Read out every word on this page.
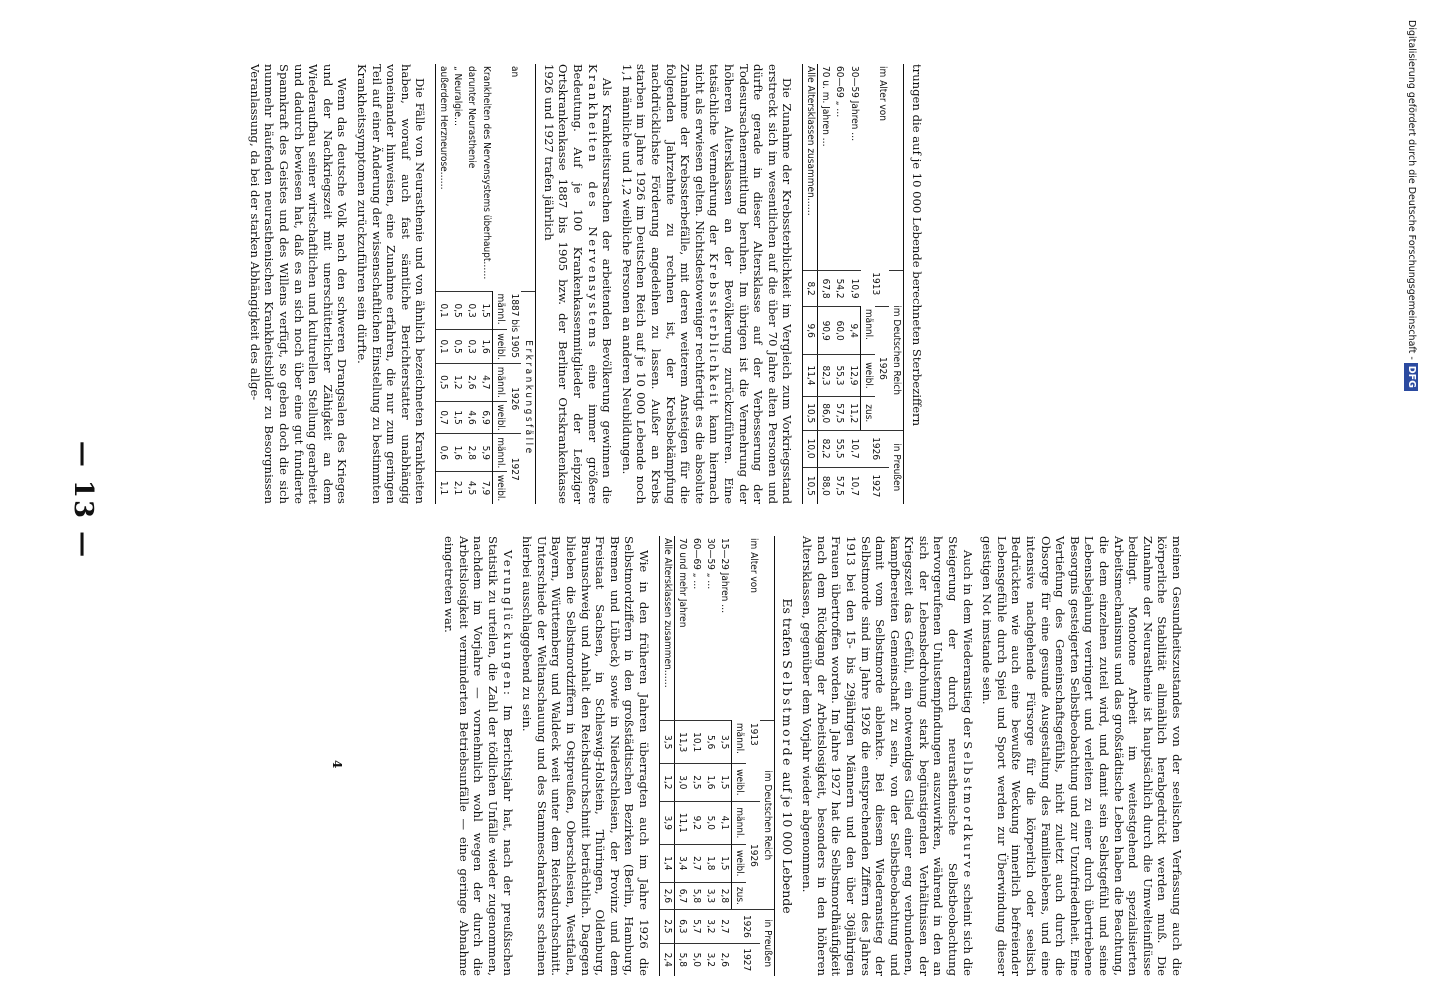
— 13 —

trungen die auf je 10 000 Lebende berechneten Sterbeziffern

im Alter von	im Deutschen Reich				in Preußen	
	1913	1926			1926	1927
		männl.	weibl.	zus.		
30—59 Jahren …	10,9	9,4	12,9	11,2	10,7	10,7
60—69 „ …	54,2	60,0	55,3	57,5	55,5	57,5
70 u. m. Jahren …	67,8	90,9	82,3	86,0	82,2	88,0
Alle Altersklassen zusammen……	8,2	9,6	11,4	10,5	10,0	10,5

Die Zunahme der Krebssterblichkeit im Vergleich zum Vorkriegsstand erstreckt sich im wesentlichen auf die über 70 Jahre alten Personen und dürfte gerade in dieser Altersklasse auf der Verbesserung der Todesursachenermittlung beruhen. Im übrigen ist die Vermehrung der höheren Altersklassen an der Bevölkerung zurückzuführen. Eine tatsächliche Vermehrung der Krebssterblichkeit kann hiernach nicht als erwiesen gelten. Nichtsdestoweniger rechtfertigt es die absolute Zunahme der Krebssterbefälle, mit deren weiterem Ansteigen für die folgenden Jahrzehnte zu rechnen ist, der Krebsbekämpfung nachdrücklichste Förderung angedeihen zu lassen. Außer an Krebs starben im Jahre 1926 im Deutschen Reich auf je 10 000 Lebende noch 1,1 männliche und 1,2 weibliche Personen an anderen Neubildungen.

Als Krankheitsursachen der arbeitenden Bevölkerung gewinnen die Krankheiten des Nervensystems eine immer größere Bedeutung. Auf je 100 Krankenkassenmitglieder der Leipziger Ortskrankenkasse 1887 bis 1905 bzw. der Berliner Ortskrankenkasse 1926 und 1927 trafen jährlich

an	Erkrankungsfälle					
	1887 bis 1905		1926		1927	
	männl.	weibl.	männl.	weibl.	männl.	weibl.
Krankheiten des Nervensystems überhaupt……	1,5	1,6	4,7	6,9	5,9	7,9
darunter Neurasthenie	0,3	0,3	2,6	4,6	2,8	4,5
„ Neuralgie…	0,5	0,5	1,2	1,5	1,6	2,1
außerdem Herzneurose……	0,1	0,1	0,5	0,7	0,6	1,1

Die Fälle von Neurasthenie und von ähnlich bezeichneten Krankheiten haben, worauf auch fast sämtliche Berichterstatter unabhängig voneinander hinweisen, eine Zunahme erfahren, die nur zum geringen Teil auf einer Änderung der wissenschaftlichen Einstellung zu bestimmten Krankheitssymptomen zurückzuführen sein dürfte.

Wenn das deutsche Volk nach den schweren Drangsalen des Krieges und der Nachkriegszeit mit unerschütterlicher Zähigkeit an dem Wiederaufbau seiner wirtschaftlichen und kulturellen Stellung gearbeitet und dadurch bewiesen hat, daß es an sich noch über eine gut fundierte Spannkraft des Geistes und des Willens verfügt, so geben doch die sich nunmehr häufenden neurasthenischen Krankheitsbilder zu Besorgnissen Veranlassung, da bei der starken Abhängigkeit des allge-

meinen Gesundheitszustandes von der seelischen Verfassung auch die körperliche Stabilität allmählich herabgedrückt werden muß. Die Zunahme der Neurasthenie ist hauptsächlich durch die Umwelteinflüsse bedingt. Monotone Arbeit im weitestgehend spezialisierten Arbeitsmechanismus und das großstädtische Leben haben die Beachtung, die dem einzelnen zuteil wird, und damit sein Selbstgefühl und seine Lebensbejahung verringert und verleiten zu einer durch übertriebene Besorgnis gesteigerten Selbstbeobachtung und zur Unzufriedenheit. Eine Vertiefung des Gemeinschaftsgefühls, nicht zuletzt auch durch die Obsorge für eine gesunde Ausgestaltung des Familienlebens, und eine intensive nachgehende Fürsorge für die körperlich oder seelisch Bedrückten wie auch eine bewußte Weckung innerlich befreiender Lebensgefühle durch Spiel und Sport werden zur Überwindung dieser geistigen Not imstande sein.

Auch in dem Wiederanstieg der Selbstmordkurve scheint sich die Steigerung der durch neurasthenische Selbstbeobachtung hervorgerufenen Unlustempfindungen auszuwirken, während in den an sich der Lebensbedrohung stark begünstigenden Verhältnissen der Kriegszeit das Gefühl, ein notwendiges Glied einer eng verbundenen, kampfbereiten Gemeinschaft zu sein, von der Selbstbeobachtung und damit vom Selbstmorde ablenkte. Bei diesem Wiederanstieg der Selbstmorde sind im Jahre 1926 die entsprechenden Ziffern des Jahres 1913 bei den 15- bis 29jährigen Männern und den über 30jährigen Frauen übertroffen worden. Im Jahre 1927 hat die Selbstmordhäufigkeit nach dem Rückgang der Arbeitslosigkeit, besonders in den höheren Altersklassen, gegenüber dem Vorjahr wieder abgenommen.

Es trafen Selbstmorde auf je 10 000 Lebende
im Alter von	im Deutschen Reich					in Preußen	
	1913		1926			1926	1927
	männl.	weibl.	männl.	weibl.	zus.		
15—29 Jahren …	3,5	1,5	4,1	1,5	2,8	2,7	2,6
30—59 „ …	5,6	1,6	5,0	1,8	3,3	3,2	3,2
60—69 „ …	10,1	2,5	9,2	2,7	5,8	5,7	5,0
70 und mehr Jahren	11,3	3,0	11,1	3,4	6,7	6,3	5,8
Alle Altersklassen zusammen……	3,5	1,2	3,9	1,4	2,6	2,5	2,4

Wie in den früheren Jahren überragten auch im Jahre 1926 die Selbstmordziffern in den großstädtischen Bezirken (Berlin, Hamburg, Bremen und Lübeck) sowie in Niederschlesien, der Provinz und dem Freistaat Sachsen, in Schleswig-Holstein, Thüringen, Oldenburg, Braunschweig und Anhalt den Reichsdurchschnitt beträchtlich. Dagegen blieben die Selbstmordziffern in Ostpreußen, Oberschlesien, Westfalen, Bayern, Württemberg und Waldeck weit unter dem Reichsdurchschnitt. Unterschiede der Weltanschauung und des Stammescharakters scheinen hierbei ausschlaggebend zu sein.

Verunglückungen: Im Berichtsjahr hat, nach der preußischen Statistik zu urteilen, die Zahl der tödlichen Unfälle wieder zugenommen, nachdem im Vorjahre — vornehmlich wohl wegen der durch die Arbeitslosigkeit verminderten Betriebsunfälle — eine geringe Abnahme eingetreten war.

4
Digitalisierung gefördert durch die Deutsche Forschungsgemeinschaft -DFG
